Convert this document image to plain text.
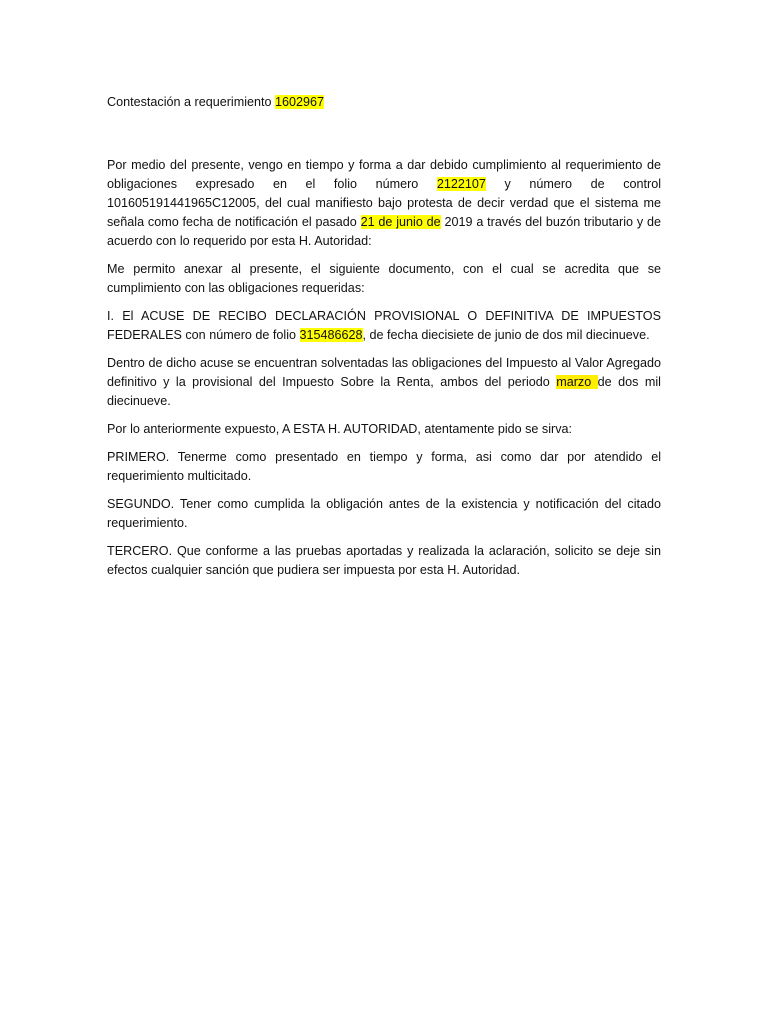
Contestación a requerimiento 1602967

Por medio del presente, vengo en tiempo y forma a dar debido cumplimiento al requerimiento de obligaciones expresado en el folio número 2122107 y número de control 101605191441965C12005, del cual manifiesto bajo protesta de decir verdad que el sistema me señala como fecha de notificación el pasado 21 de junio de 2019 a través del buzón tributario y de acuerdo con lo requerido por esta H. Autoridad:

Me permito anexar al presente, el siguiente documento, con el cual se acredita que se cumplimiento con las obligaciones requeridas:

I. El ACUSE DE RECIBO DECLARACIÓN PROVISIONAL O DEFINITIVA DE IMPUESTOS FEDERALES con número de folio 315486628, de fecha diecisiete de junio de dos mil diecinueve.

Dentro de dicho acuse se encuentran solventadas las obligaciones del Impuesto al Valor Agregado definitivo y la provisional del Impuesto Sobre la Renta, ambos del periodo marzo de dos mil diecinueve.

Por lo anteriormente expuesto, A ESTA H. AUTORIDAD, atentamente pido se sirva:

PRIMERO. Tenerme como presentado en tiempo y forma, asi como dar por atendido el requerimiento multicitado.

SEGUNDO. Tener como cumplida la obligación antes de la existencia y notificación del citado requerimiento.

TERCERO. Que conforme a las pruebas aportadas y realizada la aclaración, solicito se deje sin efectos cualquier sanción que pudiera ser impuesta por esta H. Autoridad.
